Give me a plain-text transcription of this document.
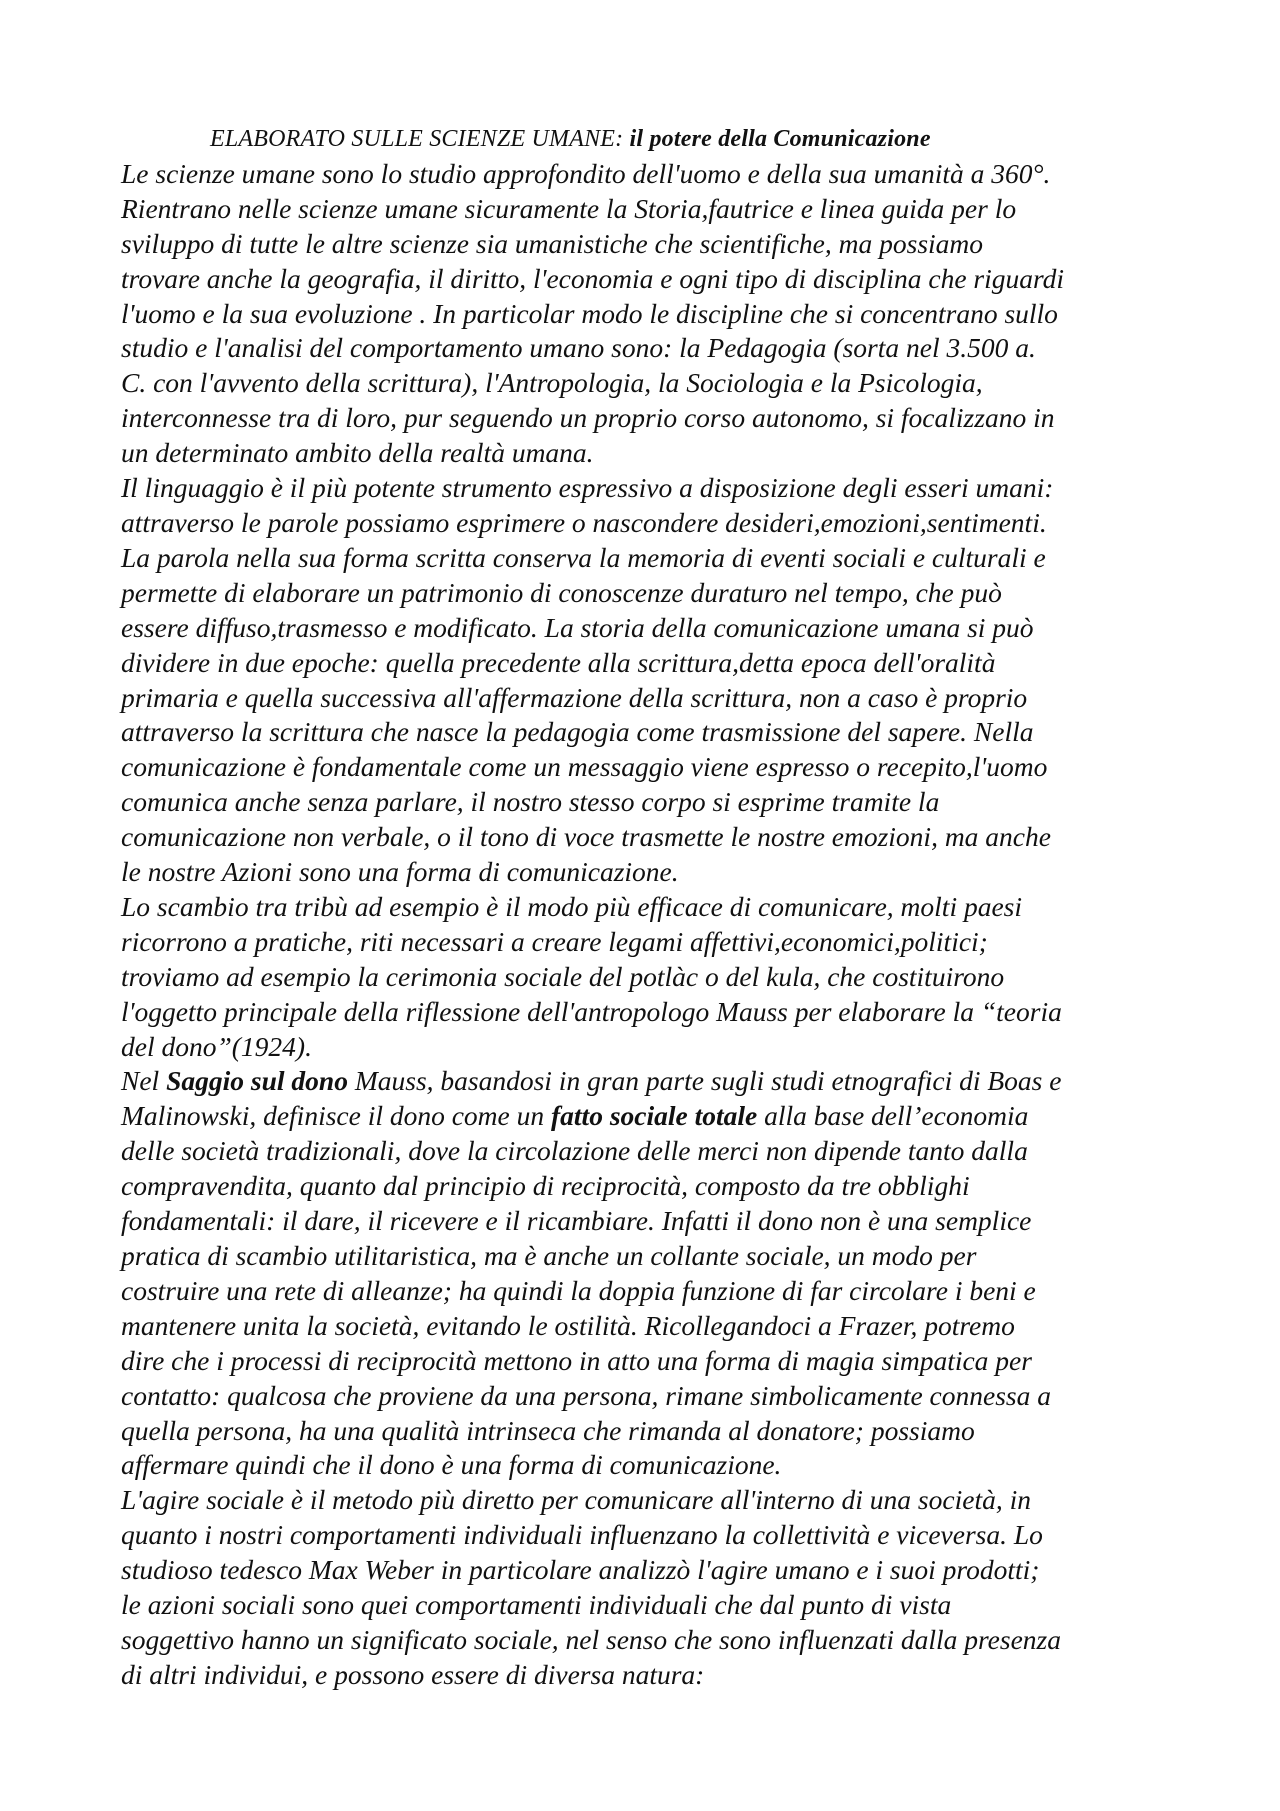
ELABORATO SULLE SCIENZE UMANE: il potere della Comunicazione
Le scienze umane sono lo studio approfondito dell'uomo e della sua umanità a 360°.
Rientrano nelle scienze umane sicuramente la Storia,fautrice e linea guida per lo
sviluppo di tutte le altre scienze sia umanistiche che scientifiche, ma possiamo
trovare anche la geografia, il diritto, l'economia e ogni tipo di disciplina che riguardi
l'uomo e la sua evoluzione . In particolar modo le discipline che si concentrano sullo
studio e l'analisi del comportamento umano sono: la Pedagogia (sorta nel 3.500 a.
C. con l'avvento della scrittura), l'Antropologia, la Sociologia e la Psicologia,
interconnesse tra di loro, pur seguendo un proprio corso autonomo, si focalizzano in
un determinato ambito della realtà umana.
Il linguaggio è il più potente strumento espressivo a disposizione degli esseri umani:
attraverso le parole possiamo esprimere o nascondere desideri,emozioni,sentimenti.
La parola nella sua forma scritta conserva la memoria di eventi sociali e culturali e
permette di elaborare un patrimonio di conoscenze duraturo nel tempo, che può
essere diffuso,trasmesso e modificato. La storia della comunicazione umana si può
dividere in due epoche: quella precedente alla scrittura,detta epoca dell'oralità
primaria e quella successiva all'affermazione della scrittura, non a caso è proprio
attraverso la scrittura che nasce la pedagogia come trasmissione del sapere. Nella
comunicazione è fondamentale come un messaggio viene espresso o recepito,l'uomo
comunica anche senza parlare, il nostro stesso corpo si esprime tramite la
comunicazione non verbale, o il tono di voce trasmette le nostre emozioni, ma anche
le nostre Azioni sono una forma di comunicazione.
Lo scambio tra tribù ad esempio è il modo più efficace di comunicare, molti paesi
ricorrono a pratiche, riti necessari a creare legami affettivi,economici,politici;
troviamo ad esempio la cerimonia sociale del potlàc o del kula, che costituirono
l'oggetto principale della riflessione dell'antropologo Mauss per elaborare la “teoria
del dono”(1924).
Nel Saggio sul dono Mauss, basandosi in gran parte sugli studi etnografici di Boas e
Malinowski, definisce il dono come un fatto sociale totale alla base dell’economia
delle società tradizionali, dove la circolazione delle merci non dipende tanto dalla
compravendita, quanto dal principio di reciprocità, composto da tre obblighi
fondamentali: il dare, il ricevere e il ricambiare. Infatti il dono non è una semplice
pratica di scambio utilitaristica, ma è anche un collante sociale, un modo per
costruire una rete di alleanze; ha quindi la doppia funzione di far circolare i beni e
mantenere unita la società, evitando le ostilità. Ricollegandoci a Frazer, potremo
dire che i processi di reciprocità mettono in atto una forma di magia simpatica per
contatto: qualcosa che proviene da una persona, rimane simbolicamente connessa a
quella persona, ha una qualità intrinseca che rimanda al donatore; possiamo
affermare quindi che il dono è una forma di comunicazione.
L'agire sociale è il metodo più diretto per comunicare all'interno di una società, in
quanto i nostri comportamenti individuali influenzano la collettività e viceversa. Lo
studioso tedesco Max Weber in particolare analizzò l'agire umano e i suoi prodotti;
le azioni sociali sono quei comportamenti individuali che dal punto di vista
soggettivo hanno un significato sociale, nel senso che sono influenzati dalla presenza
di altri individui, e possono essere di diversa natura:
